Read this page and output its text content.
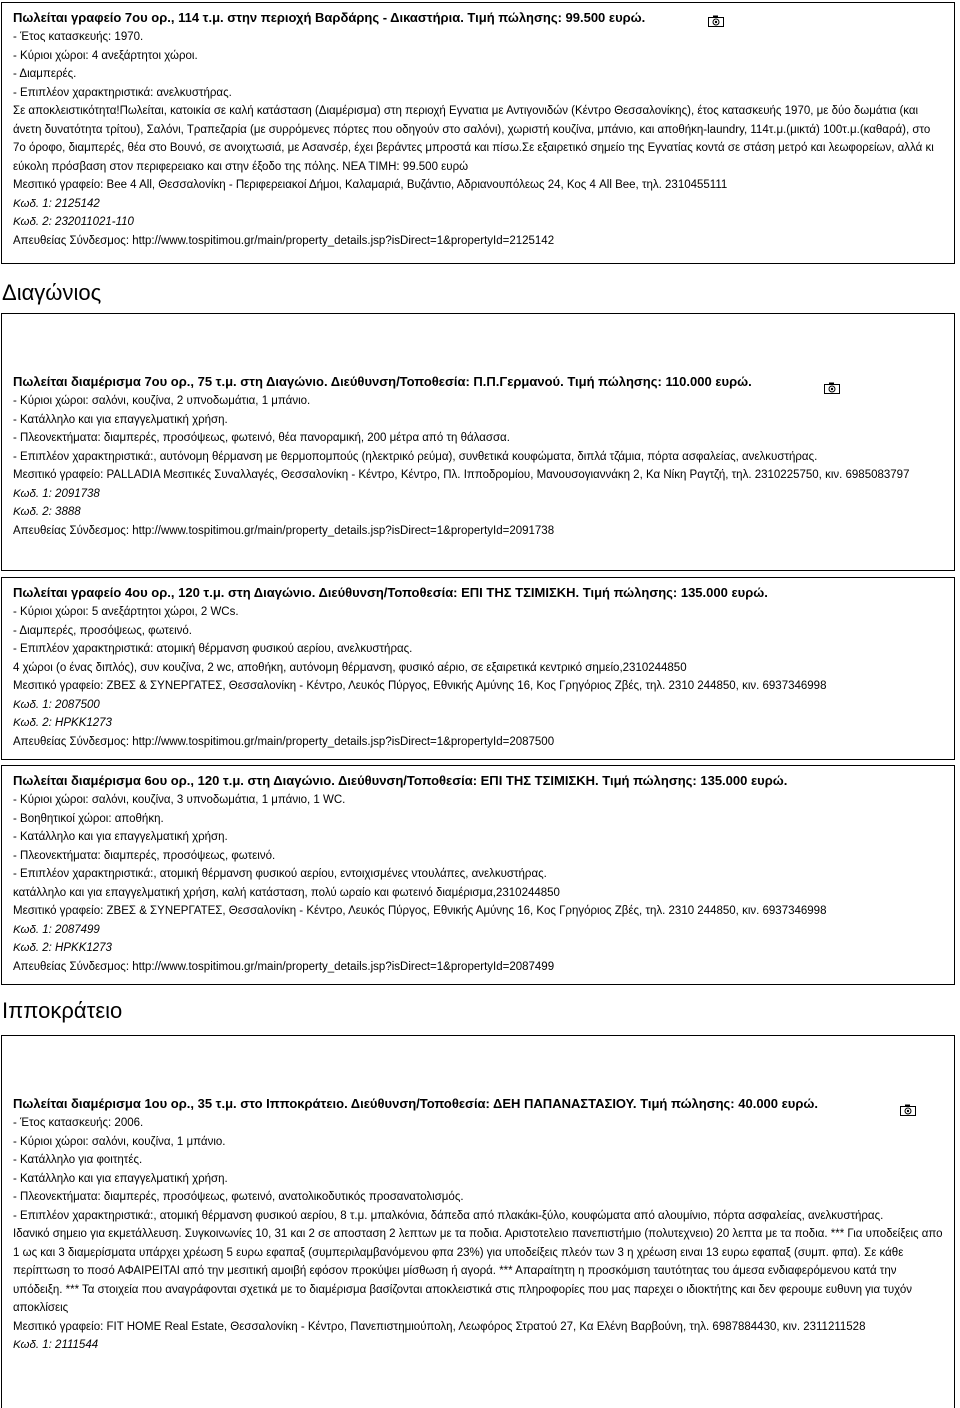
Πωλείται γραφείο 7ου ορ., 114 τ.μ. στην περιοχή Βαρδάρης - Δικαστήρια. Τιμή πώλησης: 99.500 ευρώ.
- Έτος κατασκευής: 1970.
- Κύριοι χώροι: 4 ανεξάρτητοι χώροι.
- Διαμπερές.
- Επιπλέον χαρακτηριστικά: ανελκυστήρας.
Σε αποκλειστικότητα!Πωλείται, κατοικία σε καλή κατάσταση (Διαμέρισμα) στη περιοχή Εγνατια με Αντιγονιδών (Κέντρο Θεσσαλονίκης), έτος κατασκευής 1970, με δύο δωμάτια (και άνετη δυνατότητα τρίτου), Σαλόνι, Τραπεζαρία (με συρρόμενες πόρτες που οδηγούν στο σαλόνι), χωριστή κουζίνα, μπάνιο, και αποθήκη-laundry, 114τ.μ.(μικτά) 100τ.μ.(καθαρά), στο 7ο όροφο, διαμπερές, θέα στο Βουνό, σε ανοιχτωσιά, με Ασανσέρ, έχει βεράντες μπροστά και πίσω.Σε εξαιρετικό σημείο της Εγνατίας κοντά σε στάση μετρό και λεωφορείων, αλλά κι εύκολη πρόσβαση στον περιφερειακο και στην έξοδο της πόλης. ΝΕΑ ΤΙΜΗ: 99.500 ευρώ
Μεσιτικό γραφείο: Bee 4 All, Θεσσαλονίκη - Περιφερειακοί Δήμοι, Καλαμαριά, Βυζάντιο, Αδριανουπόλεως 24, Κος 4 All Bee, τηλ. 2310455111
Κωδ. 1: 2125142
Κωδ. 2: 232011021-110
Απευθείας Σύνδεσμος: http://www.tospitimou.gr/main/property_details.jsp?isDirect=1&propertyId=2125142
Διαγώνιος
Πωλείται διαμέρισμα 7ου ορ., 75 τ.μ. στη Διαγώνιο. Διεύθυνση/Τοποθεσία: Π.Π.Γερμανού. Τιμή πώλησης: 110.000 ευρώ.
- Κύριοι χώροι: σαλόνι, κουζίνα, 2 υπνοδωμάτια, 1 μπάνιο.
- Κατάλληλο και για επαγγελματική χρήση.
- Πλεονεκτήματα: διαμπερές, προσόψεως, φωτεινό, θέα πανοραμική, 200 μέτρα από τη θάλασσα.
- Επιπλέον χαρακτηριστικά:, αυτόνομη θέρμανση με θερμοπομπούς (ηλεκτρικό ρεύμα), συνθετικά κουφώματα, διπλά τζάμια, πόρτα ασφαλείας, ανελκυστήρας.
Μεσιτικό γραφείο: PALLADIA Μεσιτικές Συναλλαγές, Θεσσαλονίκη - Κέντρο, Κέντρο, Πλ. Ιπποδρομίου, Μανουσογιαννάκη 2, Κα Νίκη Ραγτζή, τηλ. 2310225750, κιν. 6985083797
Κωδ. 1: 2091738
Κωδ. 2: 3888
Απευθείας Σύνδεσμος: http://www.tospitimou.gr/main/property_details.jsp?isDirect=1&propertyId=2091738
Πωλείται γραφείο 4ου ορ., 120 τ.μ. στη Διαγώνιο. Διεύθυνση/Τοποθεσία: ΕΠΙ ΤΗΣ ΤΣΙΜΙΣΚΗ. Τιμή πώλησης: 135.000 ευρώ.
- Κύριοι χώροι: 5 ανεξάρτητοι χώροι, 2 WCs.
- Διαμπερές, προσόψεως, φωτεινό.
- Επιπλέον χαρακτηριστικά: ατομική θέρμανση φυσικού αερίου, ανελκυστήρας.
4 χώροι (ο ένας διπλός), συν κουζίνα, 2 wc, αποθήκη, αυτόνομη θέρμανση, φυσικό αέριο, σε εξαιρετικά κεντρικό σημείο,2310244850
Μεσιτικό γραφείο: ΖΒΕΣ & ΣΥΝΕΡΓΑΤΕΣ, Θεσσαλονίκη - Κέντρο, Λευκός Πύργος, Εθνικής Αμύνης 16, Κος Γρηγόριος Ζβές, τηλ. 2310 244850, κιν. 6937346998
Κωδ. 1: 2087500
Κωδ. 2: HPKK1273
Απευθείας Σύνδεσμος: http://www.tospitimou.gr/main/property_details.jsp?isDirect=1&propertyId=2087500
Πωλείται διαμέρισμα 6ου ορ., 120 τ.μ. στη Διαγώνιο. Διεύθυνση/Τοποθεσία: ΕΠΙ ΤΗΣ ΤΣΙΜΙΣΚΗ. Τιμή πώλησης: 135.000 ευρώ.
- Κύριοι χώροι: σαλόνι, κουζίνα, 3 υπνοδωμάτια, 1 μπάνιο, 1 WC.
- Βοηθητικοί χώροι: αποθήκη.
- Κατάλληλο και για επαγγελματική χρήση.
- Πλεονεκτήματα: διαμπερές, προσόψεως, φωτεινό.
- Επιπλέον χαρακτηριστικά:, ατομική θέρμανση φυσικού αερίου, εντοιχισμένες ντουλάπες, ανελκυστήρας.
κατάλληλο και για επαγγελματική χρήση, καλή κατάσταση, πολύ ωραίο και φωτεινό διαμέρισμα,2310244850
Μεσιτικό γραφείο: ΖΒΕΣ & ΣΥΝΕΡΓΑΤΕΣ, Θεσσαλονίκη - Κέντρο, Λευκός Πύργος, Εθνικής Αμύνης 16, Κος Γρηγόριος Ζβές, τηλ. 2310 244850, κιν. 6937346998
Κωδ. 1: 2087499
Κωδ. 2: HPKK1273
Απευθείας Σύνδεσμος: http://www.tospitimou.gr/main/property_details.jsp?isDirect=1&propertyId=2087499
Ιπποκράτειο
Πωλείται διαμέρισμα 1ου ορ., 35 τ.μ. στο Ιπποκράτειο. Διεύθυνση/Τοποθεσία: ΔΕΗ ΠΑΠΑΝΑΣΤΑΣΙΟΥ. Τιμή πώλησης: 40.000 ευρώ.
- Έτος κατασκευής: 2006.
- Κύριοι χώροι: σαλόνι, κουζίνα, 1 μπάνιο.
- Κατάλληλο για φοιτητές.
- Κατάλληλο και για επαγγελματική χρήση.
- Πλεονεκτήματα: διαμπερές, προσόψεως, φωτεινό, ανατολικοδυτικός προσανατολισμός.
- Επιπλέον χαρακτηριστικά:, ατομική θέρμανση φυσικού αερίου, 8 τ.μ. μπαλκόνια, δάπεδα από πλακάκι-ξύλο, κουφώματα από αλουμίνιο, πόρτα ασφαλείας, ανελκυστήρας.
Ιδανικό σημειο για εκμετάλλευση. Συγκοινωνίες 10, 31 και 2 σε αποσταση 2 λεπτων με τα ποδια. Αριστοτελειο πανεπιστήμιο (πολυτεχνειο) 20 λεπτα με τα ποδια. *** Για υποδείξεις απο 1 ως και 3 διαμερίσματα υπάρχει χρέωση 5 ευρω εφαπαξ (συμπεριλαμβανόμενου φπα 23%) για υποδείξεις πλεόν των 3 η χρέωση ειναι 13 ευρω εφαπαξ (συμπ. φπα). Σε κάθε περίπτωση το ποσό ΑΦΑΙΡΕΙΤΑΙ από την μεσιτική αμοιβή εφόσον προκύψει μίσθωση ή αγορά. *** Απαραίτητη η προσκόμιση ταυτότητας του άμεσα ενδιαφερόμενου κατά την υπόδειξη. *** Τα στοιχεία που αναγράφονται σχετικά με το διαμέρισμα βασίζονται αποκλειστικά στις πληροφορίες που μας παρεχει ο ιδιοκτήτης και δεν φερουμε ευθυνη για τυχόν αποκλίσεις
Μεσιτικό γραφείο: FIT HOME Real Estate, Θεσσαλονίκη - Κέντρο, Πανεπιστημιούπολη, Λεωφόρος Στρατού 27, Κα Ελένη Βαρβούνη, τηλ. 6987884430, κιν. 2311211528
Κωδ. 1: 2111544
